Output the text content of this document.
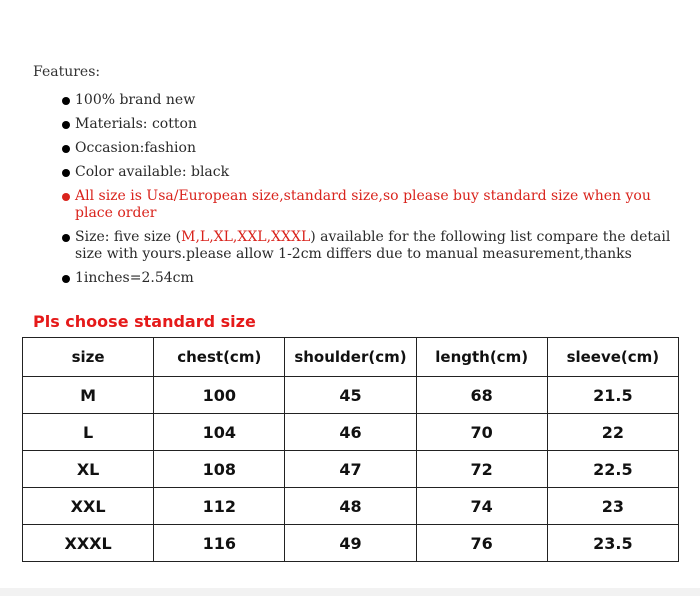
Features:
100% brand new
Materials: cotton
Occasion:fashion
Color available: black
All size is Usa/European size,standard size,so please buy standard size when you place order
Size: five size (M,L,XL,XXL,XXXL) available for the following list compare the detail size with yours.please allow 1-2cm differs due to manual measurement,thanks
1inches=2.54cm
Pls choose standard size
size	chest(cm)	shoulder(cm)	length(cm)	sleeve(cm)
M	100	45	68	21.5
L	104	46	70	22
XL	108	47	72	22.5
XXL	112	48	74	23
XXXL	116	49	76	23.5
